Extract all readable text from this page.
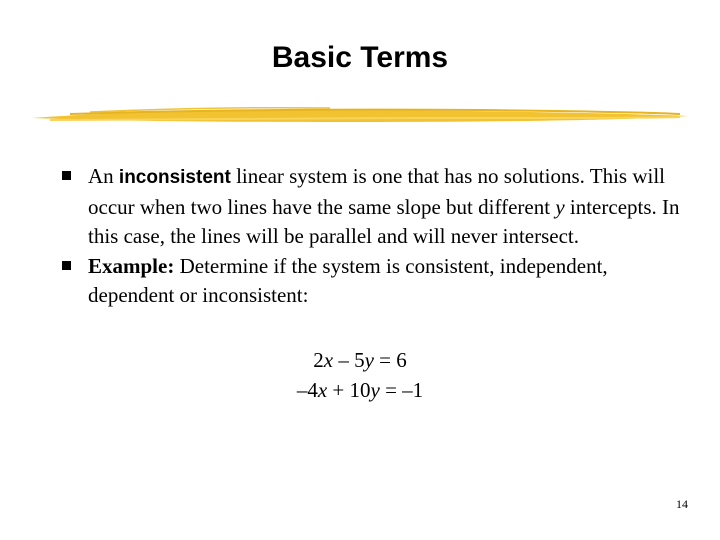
Basic Terms
An inconsistent linear system is one that has no solutions. This will occur when two lines have the same slope but different y intercepts. In this case, the lines will be parallel and will never intersect.
Example: Determine if the system is consistent, independent, dependent or inconsistent:
2x – 5y = 6
–4x + 10y = –1
14
